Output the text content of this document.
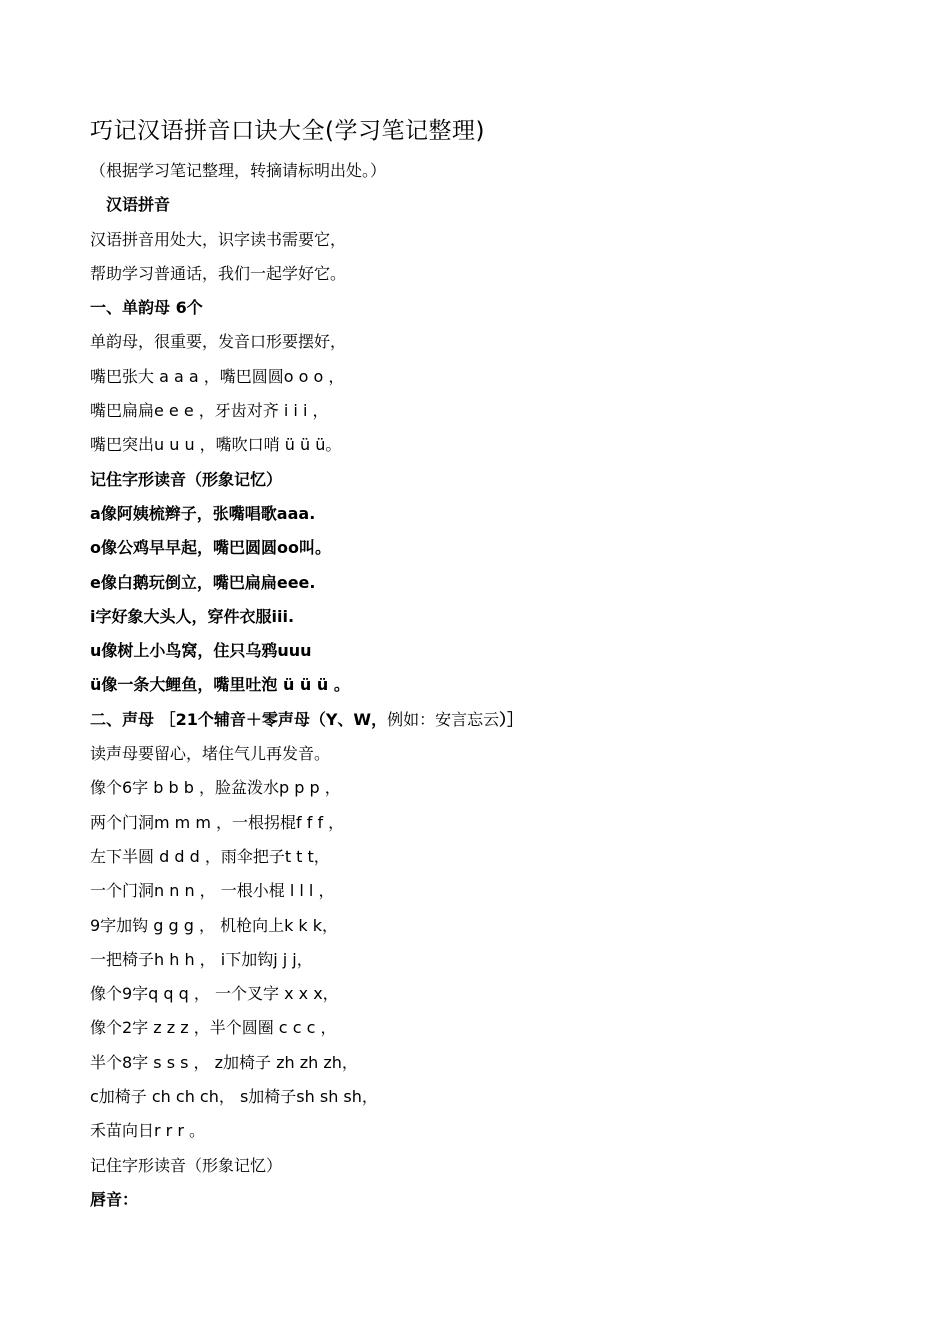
巧记汉语拼音口诀大全(学习笔记整理)
（根据学习笔记整理，转摘请标明出处。）
汉语拼音
汉语拼音用处大，识字读书需要它，
帮助学习普通话，我们一起学好它。
一、单韵母 6个
单韵母，很重要，发音口形要摆好，
嘴巴张大 a a a ，嘴巴圆圆o o o ，
嘴巴扁扁e e e ，牙齿对齐 i i i ，
嘴巴突出u u u ，嘴吹口哨 ü ü ü。
记住字形读音（形象记忆）
a像阿姨梳辫子，张嘴唱歌aaa.
o像公鸡早早起，嘴巴圆圆oo叫。
e像白鹅玩倒立，嘴巴扁扁eee.
i字好象大头人，穿件衣服iii.
u像树上小鸟窝，住只乌鸦uuu
ü像一条大鲤鱼，嘴里吐泡 ü ü ü 。
二、声母 ［21个辅音＋零声母（Y、W，例如：安言忘云）］
读声母要留心，堵住气儿再发音。
像个6字 b b b ，脸盆泼水p p p ，
两个门洞m m m ，一根拐棍f f f ，
左下半圆 d d d ，雨伞把子t t t，
一个门洞n n n ， 一根小棍 l l l ，
9字加钩 g g g ， 机枪向上k k k，
一把椅子h h h ， i下加钩j j j，
像个9字q q q ， 一个叉字 x x x，
像个2字 z z z ，半个圆圈 c c c ，
半个8字 s s s ， z加椅子 zh zh zh，
c加椅子 ch ch ch， s加椅子sh sh sh，
禾苗向日r r r 。
记住字形读音（形象记忆）
唇音：
